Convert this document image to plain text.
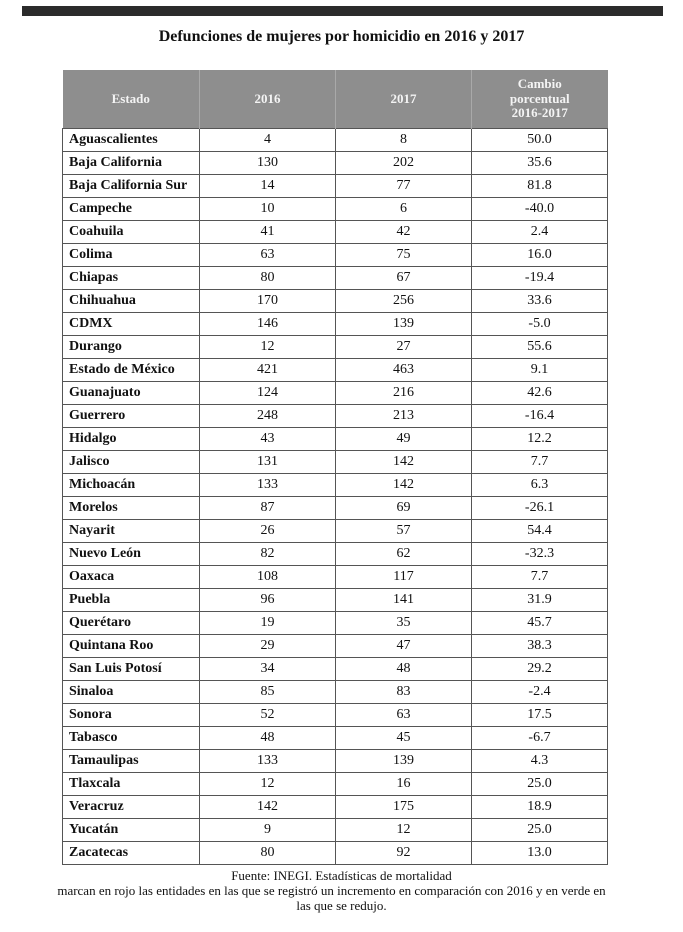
Defunciones de mujeres por homicidio en 2016 y 2017
Estado	2016	2017	Cambio
porcentual
2016-2017

Aguascalientes	4	8	50.0
Baja California	130	202	35.6
Baja California Sur	14	77	81.8
Campeche	10	6	-40.0
Coahuila	41	42	2.4
Colima	63	75	16.0
Chiapas	80	67	-19.4
Chihuahua	170	256	33.6
CDMX	146	139	-5.0
Durango	12	27	55.6
Estado de México	421	463	9.1
Guanajuato	124	216	42.6
Guerrero	248	213	-16.4
Hidalgo	43	49	12.2
Jalisco	131	142	7.7
Michoacán	133	142	6.3
Morelos	87	69	-26.1
Nayarit	26	57	54.4
Nuevo León	82	62	-32.3
Oaxaca	108	117	7.7
Puebla	96	141	31.9
Querétaro	19	35	45.7
Quintana Roo	29	47	38.3
San Luis Potosí	34	48	29.2
Sinaloa	85	83	-2.4
Sonora	52	63	17.5
Tabasco	48	45	-6.7
Tamaulipas	133	139	4.3
Tlaxcala	12	16	25.0
Veracruz	142	175	18.9
Yucatán	9	12	25.0
Zacatecas	80	92	13.0
Fuente: INEGI. Estadísticas de mortalidad
marcan en rojo las entidades en las que se registró un incremento en comparación con 2016 y en verde en
las que se redujo.
